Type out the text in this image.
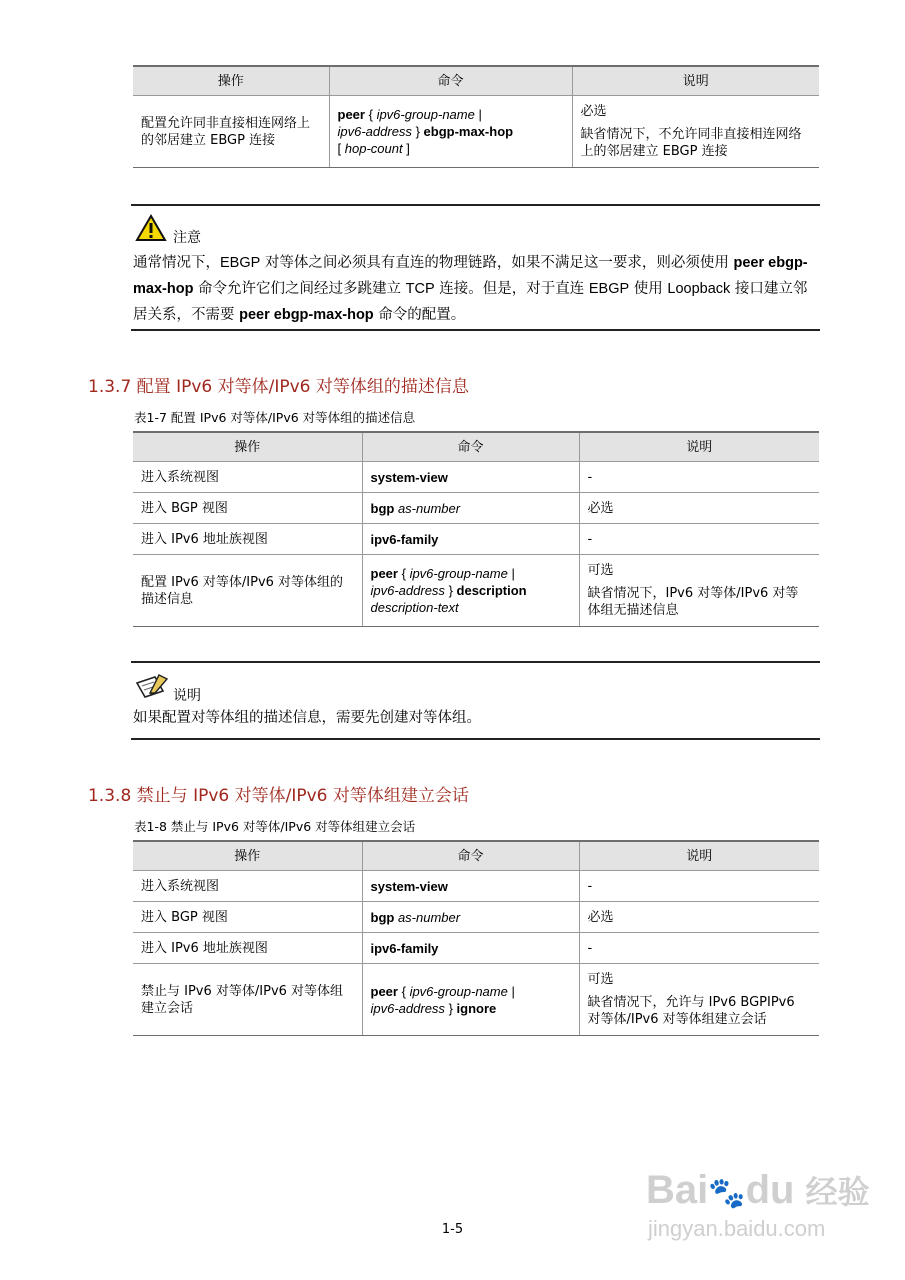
操作	命令	说明
配置允许同非直接相连网络上的邻居建立 EBGP 连接	peer { ipv6-group-name |
ipv6-address } ebgp-max-hop
[ hop-count ]	必选
缺省情况下，不允许同非直接相连网络上的邻居建立 EBGP 连接
注意
通常情况下，EBGP 对等体之间必须具有直连的物理链路，如果不满足这一要求，则必须使用 peer ebgp-max-hop 命令允许它们之间经过多跳建立 TCP 连接。但是，对于直连 EBGP 使用 Loopback 接口建立邻居关系，不需要 peer ebgp-max-hop 命令的配置。
1.3.7 配置 IPv6 对等体/IPv6 对等体组的描述信息
表1-7 配置 IPv6 对等体/IPv6 对等体组的描述信息
操作	命令	说明
进入系统视图	system-view	-
进入 BGP 视图	bgp as-number	必选
进入 IPv6 地址族视图	ipv6-family	-
配置 IPv6 对等体/IPv6 对等体组的描述信息	peer { ipv6-group-name |
ipv6-address } description
description-text	可选
缺省情况下，IPv6 对等体/IPv6 对等体组无描述信息
说明
如果配置对等体组的描述信息，需要先创建对等体组。
1.3.8 禁止与 IPv6 对等体/IPv6 对等体组建立会话
表1-8 禁止与 IPv6 对等体/IPv6 对等体组建立会话
操作	命令	说明
进入系统视图	system-view	-
进入 BGP 视图	bgp as-number	必选
进入 IPv6 地址族视图	ipv6-family	-
禁止与 IPv6 对等体/IPv6 对等体组建立会话	peer { ipv6-group-name |
ipv6-address } ignore	可选
缺省情况下，允许与 IPv6 BGPIPv6 对等体/IPv6 对等体组建立会话
Bai🐾du 经验
jingyan.baidu.com
1-5
